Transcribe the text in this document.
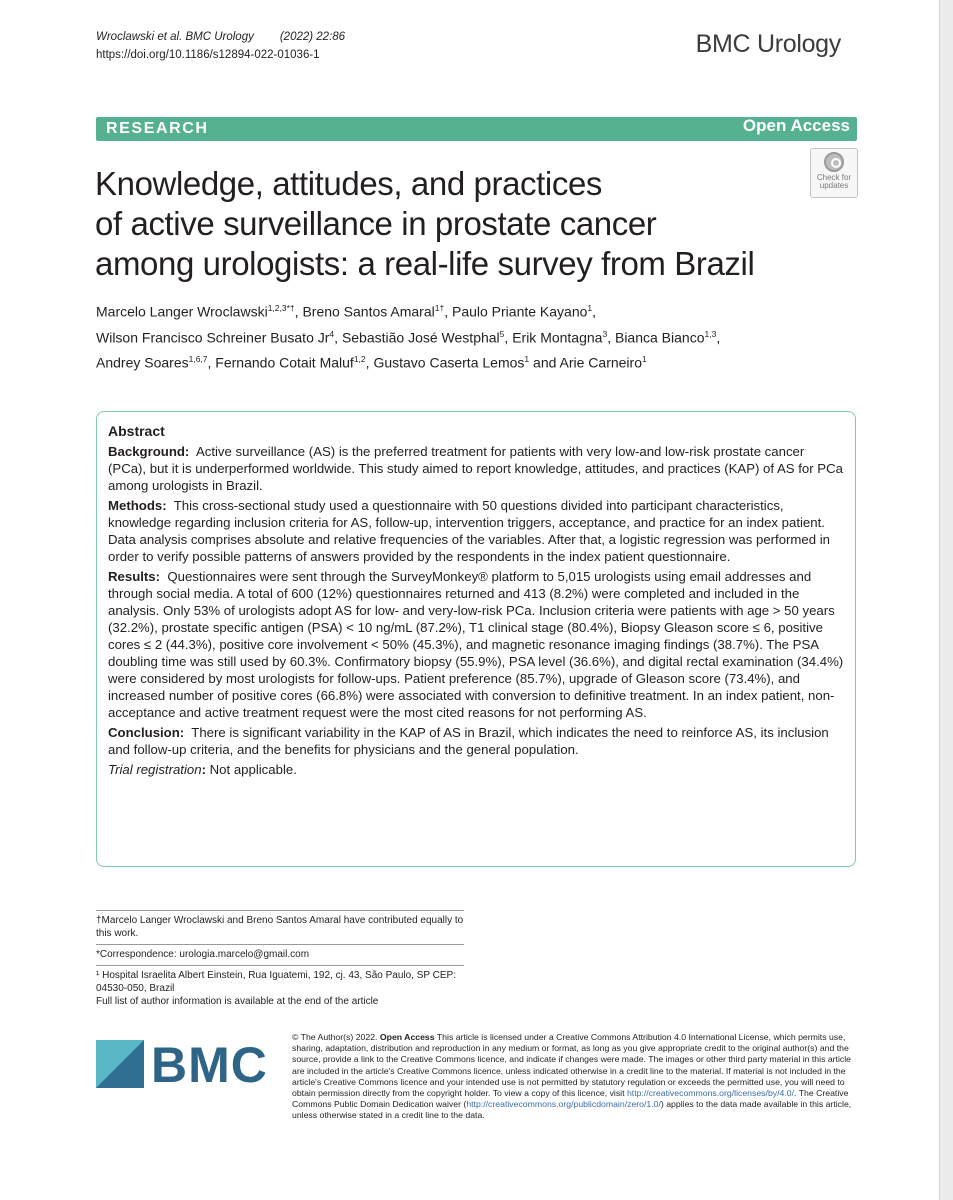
Wroclawski et al. BMC Urology (2022) 22:86
https://doi.org/10.1186/s12894-022-01036-1	BMC Urology
RESEARCH	Open Access
Check for
updates
Knowledge, attitudes, and practices
of active surveillance in prostate cancer
among urologists: a real-life survey from Brazil
Marcelo Langer Wroclawski$^{1,2,3*\dagger}$, Breno Santos Amaral$^{1\dagger}$, Paulo Priante Kayano$^1$,
Wilson Francisco Schreiner Busato Jr$^4$, Sebastião José Westphal$^5$, Erik Montagna$^3$, Bianca Bianco$^{1,3}$,
Andrey Soares$^{1,6,7}$, Fernando Cotait Maluf$^{1,2}$, Gustavo Caserta Lemos$^1$ and Arie Carneiro$^1$
Abstract

Background: Active surveillance (AS) is the preferred treatment for patients with very low-and low-risk prostate cancer (PCa), but it is underperformed worldwide. This study aimed to report knowledge, attitudes, and practices (KAP) of AS for PCa among urologists in Brazil.

Methods: This cross-sectional study used a questionnaire with 50 questions divided into participant characteristics, knowledge regarding inclusion criteria for AS, follow-up, intervention triggers, acceptance, and practice for an index patient. Data analysis comprises absolute and relative frequencies of the variables. After that, a logistic regression was performed in order to verify possible patterns of answers provided by the respondents in the index patient questionnaire.

Results: Questionnaires were sent through the SurveyMonkey® platform to 5,015 urologists using email addresses and through social media. A total of 600 (12%) questionnaires returned and 413 (8.2%) were completed and included in the analysis. Only 53% of urologists adopt AS for low- and very-low-risk PCa. Inclusion criteria were patients with age > 50 years (32.2%), prostate specific antigen (PSA) < 10 ng/mL (87.2%), T1 clinical stage (80.4%), Biopsy Gleason score ≤ 6, positive cores ≤ 2 (44.3%), positive core involvement < 50% (45.3%), and magnetic resonance imaging findings (38.7%). The PSA doubling time was still used by 60.3%. Confirmatory biopsy (55.9%), PSA level (36.6%), and digital rectal examination (34.4%) were considered by most urologists for follow-ups. Patient preference (85.7%), upgrade of Gleason score (73.4%), and increased number of positive cores (66.8%) were associated with conversion to definitive treatment. In an index patient, non-acceptance and active treatment request were the most cited reasons for not performing AS.

Conclusion: There is significant variability in the KAP of AS in Brazil, which indicates the need to reinforce AS, its inclusion and follow-up criteria, and the benefits for physicians and the general population.

Trial registration: Not applicable.

†Marcelo Langer Wroclawski and Breno Santos Amaral have contributed equally to this work.
*Correspondence: urologia.marcelo@gmail.com
¹ Hospital Israelita Albert Einstein, Rua Iguatemi, 192, cj. 43, São Paulo, SP CEP: 04530-050, Brazil
Full list of author information is available at the end of the article
BMC	© The Author(s) 2022. Open Access This article is licensed under a Creative Commons Attribution 4.0 International License, which permits use, sharing, adaptation, distribution and reproduction in any medium or format, as long as you give appropriate credit to the original author(s) and the source, provide a link to the Creative Commons licence, and indicate if changes were made. The images or other third party material in this article are included in the article's Creative Commons licence, unless indicated otherwise in a credit line to the material. If material is not included in the article's Creative Commons licence and your intended use is not permitted by statutory regulation or exceeds the permitted use, you will need to obtain permission directly from the copyright holder. To view a copy of this licence, visit http://creativecommons.org/licenses/by/4.0/. The Creative Commons Public Domain Dedication waiver (http://creativecommons.org/publicdomain/zero/1.0/) applies to the data made available in this article, unless otherwise stated in a credit line to the data.
